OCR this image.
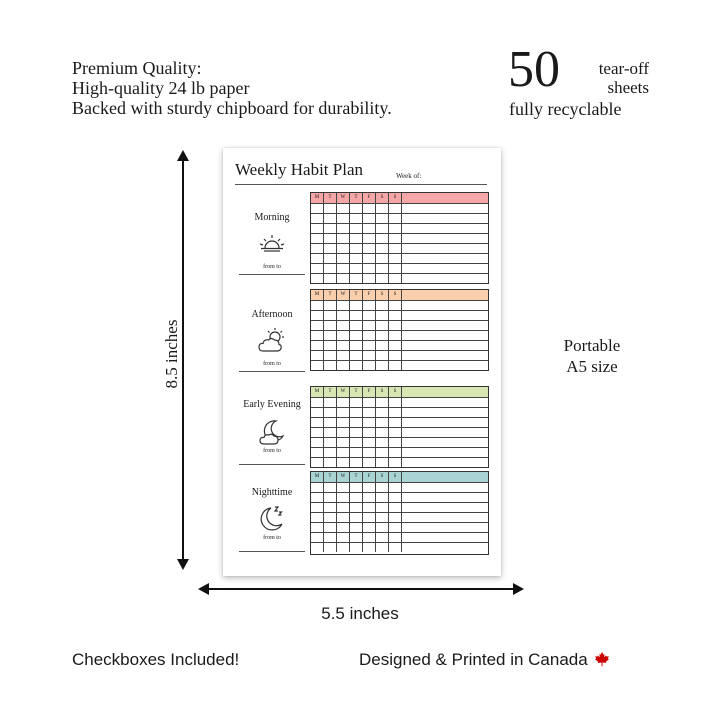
Premium Quality:
High-quality 24 lb paper
Backed with sturdy chipboard for durability.
50	tear-off
sheets
fully recyclable
8.5 inches
5.5 inches
Portable
A5 size
Checkboxes Included!	Designed & Printed in Canada
Weekly Habit Plan	Week of:
Morning
from to
M	T	W	T	F	S	S
Afternoon
from to
M	T	W	T	F	S	S
Early Evening
from to
M	T	W	T	F	S	S
Nighttime
from to
M	T	W	T	F	S	S
